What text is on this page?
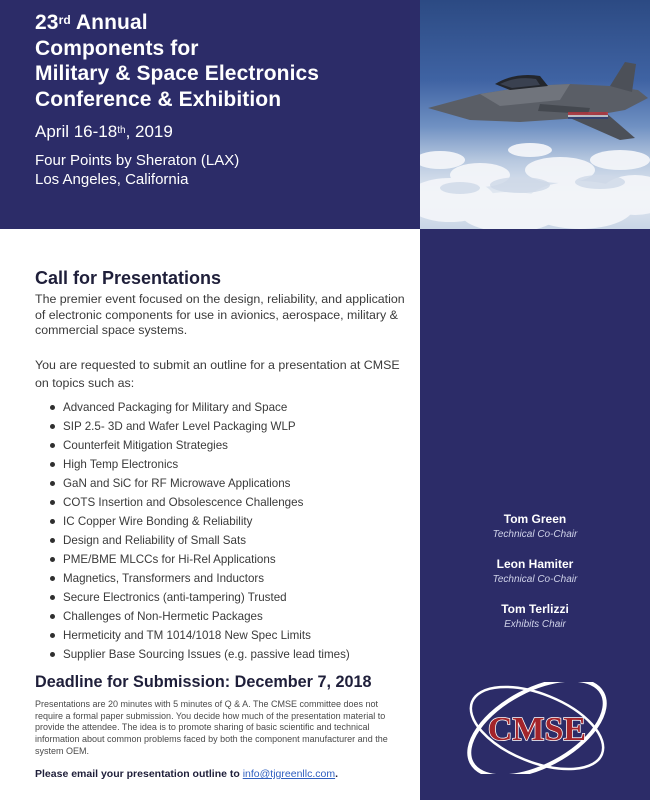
23rd Annual
Components for
Military & Space Electronics
Conference & Exhibition
April 16-18th, 2019
Four Points by Sheraton (LAX)
Los Angeles, California
Tom Green
Technical Co-Chair
Leon Hamiter
Technical Co-Chair
Tom Terlizzi
Exhibits Chair
CMSE
Call for Presentations

The premier event focused on the design, reliability, and application of electronic components for use in avionics, aerospace, military & commercial space systems.

You are requested to submit an outline for a presentation at CMSE on topics such as:

Advanced Packaging for Military and Space
SIP 2.5- 3D and Wafer Level Packaging WLP
Counterfeit Mitigation Strategies
High Temp Electronics
GaN and SiC for RF Microwave Applications
COTS Insertion and Obsolescence Challenges
IC Copper Wire Bonding & Reliability
Design and Reliability of Small Sats
PME/BME MLCCs for Hi-Rel Applications
Magnetics, Transformers and Inductors
Secure Electronics (anti-tampering) Trusted
Challenges of Non-Hermetic Packages
Hermeticity and TM 1014/1018 New Spec Limits
Supplier Base Sourcing Issues (e.g. passive lead times)
Deadline for Submission: December 7, 2018

Presentations are 20 minutes with 5 minutes of Q & A. The CMSE committee does not require a formal paper submission. You decide how much of the presentation material to provide the attendee. The idea is to promote sharing of basic scientific and technical information about common problems faced by both the component manufacturer and the system OEM.

Please email your presentation outline to info@tjgreenllc.com.
